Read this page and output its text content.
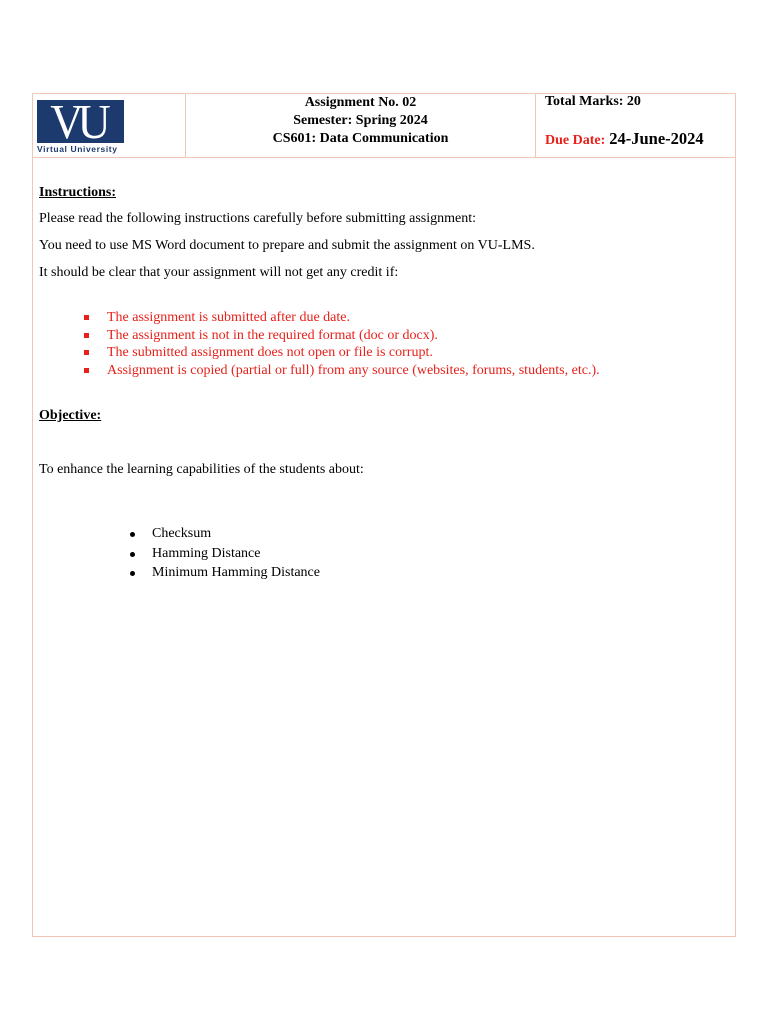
VU
Virtual University
Assignment No. 02
Semester: Spring 2024
CS601: Data Communication
Total Marks: 20
Due Date: 24-June-2024
Instructions:
Please read the following instructions carefully before submitting assignment:
You need to use MS Word document to prepare and submit the assignment on VU-LMS.
It should be clear that your assignment will not get any credit if:
The assignment is submitted after due date.
The assignment is not in the required format (doc or docx).
The submitted assignment does not open or file is corrupt.
Assignment is copied (partial or full) from any source (websites, forums, students, etc.).
Objective:
To enhance the learning capabilities of the students about:
Checksum
Hamming Distance
Minimum Hamming Distance
